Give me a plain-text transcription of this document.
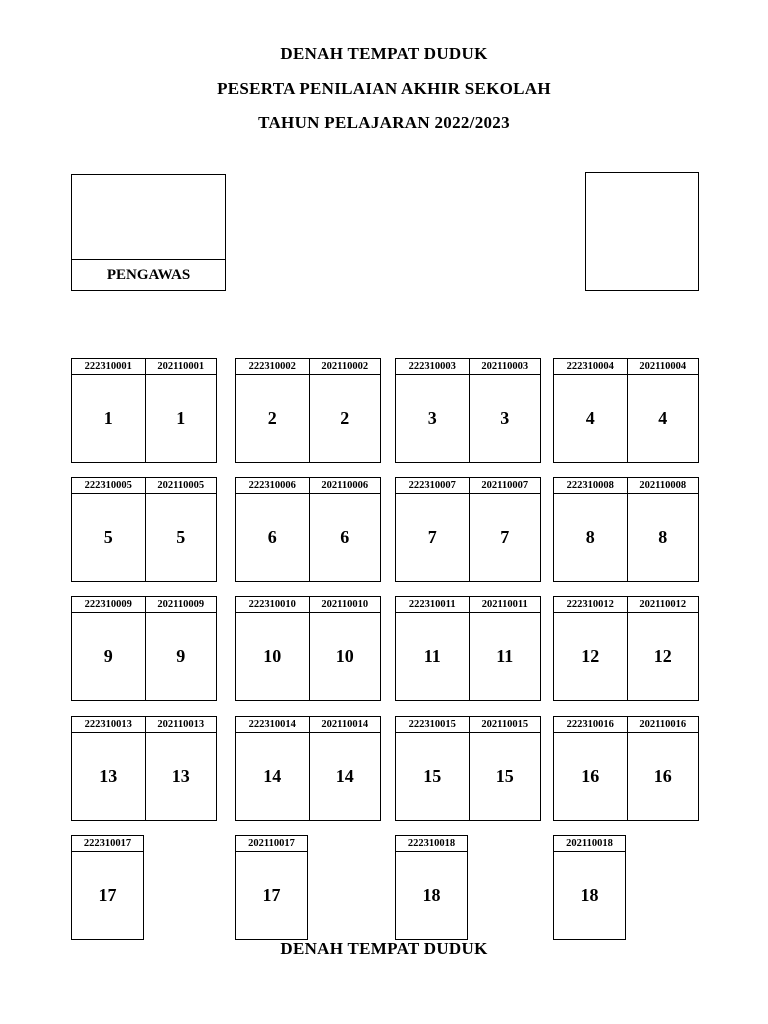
DENAH TEMPAT DUDUK
PESERTA PENILAIAN AKHIR SEKOLAH
TAHUN PELAJARAN 2022/2023
PENGAWAS
222310001
1
202110001
1
222310002
2
202110002
2
222310003
3
202110003
3
222310004
4
202110004
4
222310005
5
202110005
5
222310006
6
202110006
6
222310007
7
202110007
7
222310008
8
202110008
8
222310009
9
202110009
9
222310010
10
202110010
10
222310011
11
202110011
11
222310012
12
202110012
12
222310013
13
202110013
13
222310014
14
202110014
14
222310015
15
202110015
15
222310016
16
202110016
16
222310017
17
202110017
17
222310018
18
202110018
18
DENAH TEMPAT DUDUK
